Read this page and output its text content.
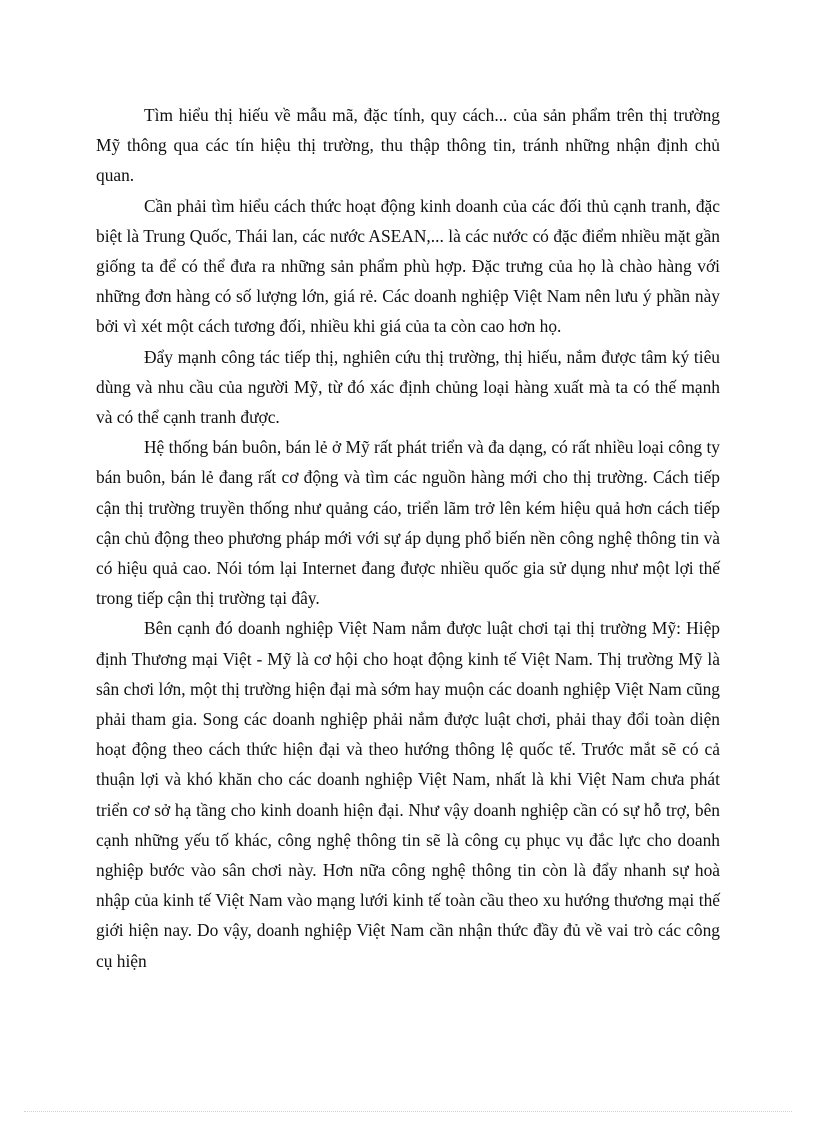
Tìm hiểu thị hiếu về mẫu mã, đặc tính, quy cách... của sản phẩm trên thị trường Mỹ thông qua các tín hiệu thị trường, thu thập thông tin, tránh những nhận định chủ quan.

Cần phải tìm hiểu cách thức hoạt động kinh doanh của các đối thủ cạnh tranh, đặc biệt là Trung Quốc, Thái lan, các nước ASEAN,... là các nước có đặc điểm nhiều mặt gần giống ta để có thể đưa ra những sản phẩm phù hợp. Đặc trưng của họ là chào hàng với những đơn hàng có số lượng lớn, giá rẻ. Các doanh nghiệp Việt Nam nên lưu ý phần này bởi vì xét một cách tương đối, nhiều khi giá của ta còn cao hơn họ.

Đẩy mạnh công tác tiếp thị, nghiên cứu thị trường, thị hiếu, nắm được tâm ký tiêu dùng và nhu cầu của người Mỹ, từ đó xác định chủng loại hàng xuất mà ta có thế mạnh và có thể cạnh tranh được.

Hệ thống bán buôn, bán lẻ ở Mỹ rất phát triển và đa dạng, có rất nhiều loại công ty bán buôn, bán lẻ đang rất cơ động và tìm các nguồn hàng mới cho thị trường. Cách tiếp cận thị trường truyền thống như quảng cáo, triển lãm trở lên kém hiệu quả hơn cách tiếp cận chủ động theo phương pháp mới với sự áp dụng phổ biến nền công nghệ thông tin và có hiệu quả cao. Nói tóm lại Internet đang được nhiều quốc gia sử dụng như một lợi thế trong tiếp cận thị trường tại đây.

Bên cạnh đó doanh nghiệp Việt Nam nắm được luật chơi tại thị trường Mỹ: Hiệp định Thương mại Việt - Mỹ là cơ hội cho hoạt động kinh tế Việt Nam. Thị trường Mỹ là sân chơi lớn, một thị trường hiện đại mà sớm hay muộn các doanh nghiệp Việt Nam cũng phải tham gia. Song các doanh nghiệp phải nắm được luật chơi, phải thay đổi toàn diện hoạt động theo cách thức hiện đại và theo hướng thông lệ quốc tế. Trước mắt sẽ có cả thuận lợi và khó khăn cho các doanh nghiệp Việt Nam, nhất là khi Việt Nam chưa phát triển cơ sở hạ tầng cho kinh doanh hiện đại. Như vậy doanh nghiệp cần có sự hỗ trợ, bên cạnh những yếu tố khác, công nghệ thông tin sẽ là công cụ phục vụ đắc lực cho doanh nghiệp bước vào sân chơi này. Hơn nữa công nghệ thông tin còn là đẩy nhanh sự hoà nhập của kinh tế Việt Nam vào mạng lưới kinh tế toàn cầu theo xu hướng thương mại thế giới hiện nay. Do vậy, doanh nghiệp Việt Nam cần nhận thức đầy đủ về vai trò các công cụ hiện
